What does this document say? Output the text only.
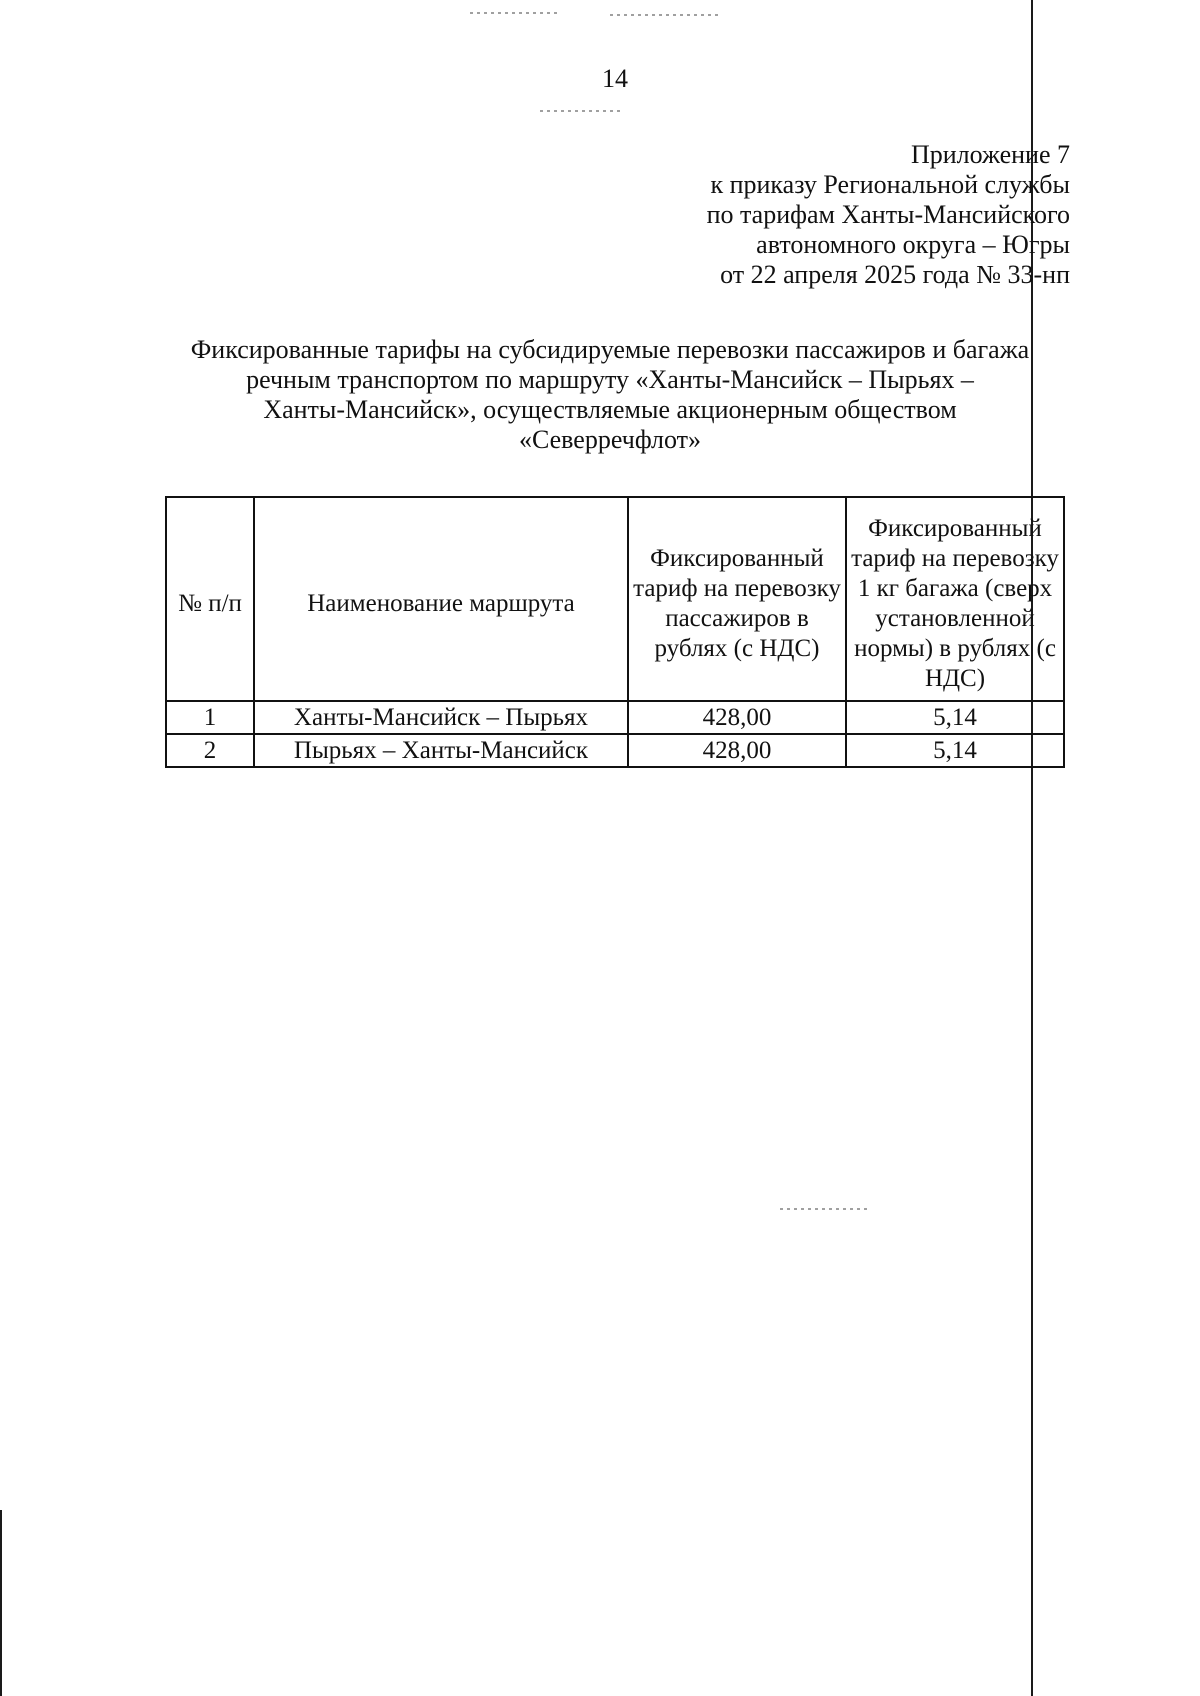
14
Приложение 7
к приказу Региональной службы
по тарифам Ханты-Мансийского
автономного округа – Югры
от 22 апреля 2025 года № 33-нп
Фиксированные тарифы на субсидируемые перевозки пассажиров и багажа
речным транспортом по маршруту «Ханты-Мансийск – Пырьях –
Ханты-Мансийск», осуществляемые акционерным обществом
«Северречфлот»
№ п/п	Наименование маршрута	Фиксированный тариф на перевозку пассажиров в рублях (с НДС)	Фиксированный тариф на перевозку 1 кг багажа (сверх установленной нормы) в рублях (с НДС)
1	Ханты-Мансийск – Пырьях	428,00	5,14
2	Пырьях – Ханты-Мансийск	428,00	5,14
